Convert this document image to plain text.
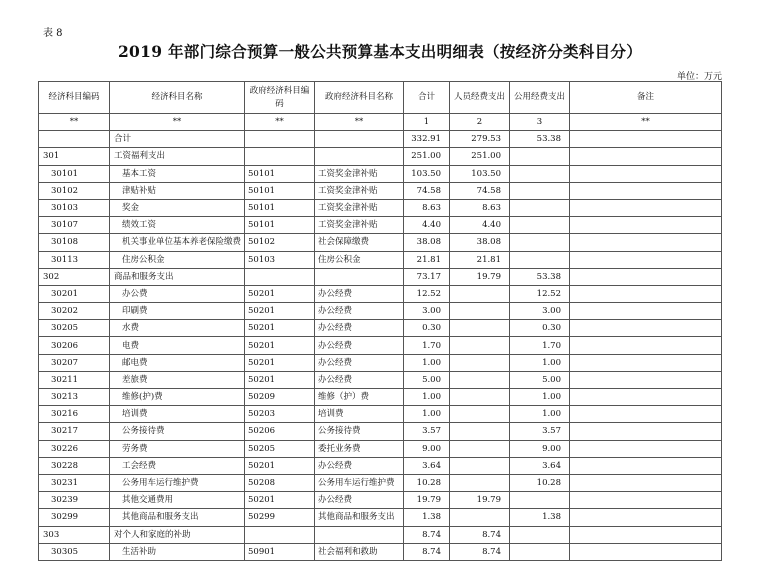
表 8
2019 年部门综合预算一般公共预算基本支出明细表（按经济分类科目分）
单位：万元
经济科目编码	经济科目名称	政府经济科目编码	政府经济科目名称	合计	人员经费支出	公用经费支出	备注
**	**	**	**	1	2	3	**
	合计			332.91	279.53	53.38	
301	工资福利支出			251.00	251.00		
30101	基本工资	50101	工资奖金津补贴	103.50	103.50		
30102	津贴补贴	50101	工资奖金津补贴	74.58	74.58		
30103	奖金	50101	工资奖金津补贴	8.63	8.63		
30107	绩效工资	50101	工资奖金津补贴	4.40	4.40		
30108	机关事业单位基本养老保险缴费	50102	社会保障缴费	38.08	38.08		
30113	住房公积金	50103	住房公积金	21.81	21.81		
302	商品和服务支出			73.17	19.79	53.38	
30201	办公费	50201	办公经费	12.52		12.52	
30202	印刷费	50201	办公经费	3.00		3.00	
30205	水费	50201	办公经费	0.30		0.30	
30206	电费	50201	办公经费	1.70		1.70	
30207	邮电费	50201	办公经费	1.00		1.00	
30211	差旅费	50201	办公经费	5.00		5.00	
30213	维修(护)费	50209	维修（护）费	1.00		1.00	
30216	培训费	50203	培训费	1.00		1.00	
30217	公务接待费	50206	公务接待费	3.57		3.57	
30226	劳务费	50205	委托业务费	9.00		9.00	
30228	工会经费	50201	办公经费	3.64		3.64	
30231	公务用车运行维护费	50208	公务用车运行维护费	10.28		10.28	
30239	其他交通费用	50201	办公经费	19.79	19.79		
30299	其他商品和服务支出	50299	其他商品和服务支出	1.38		1.38	
303	对个人和家庭的补助			8.74	8.74		
30305	生活补助	50901	社会福利和救助	8.74	8.74		
